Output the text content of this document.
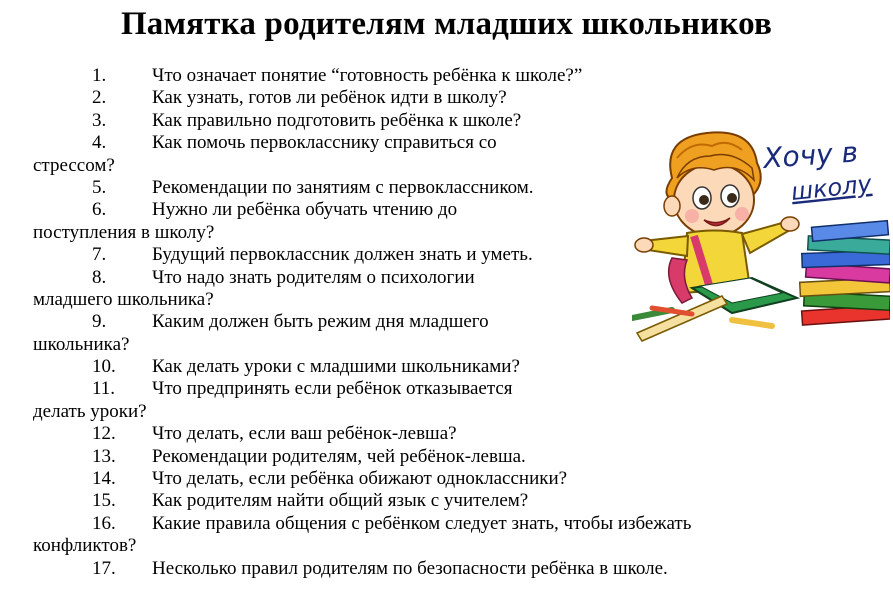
Памятка родителям младших школьников
1. Что означает понятие “готовность ребёнка к школе?”
2. Как узнать, готов ли ребёнок идти в школу?
3. Как правильно подготовить ребёнка к школе?
4. Как помочь первокласснику справиться со
стрессом?
5. Рекомендации по занятиям с первоклассником.
6. Нужно ли ребёнка обучать чтению до
поступления в школу?
7. Будущий первоклассник должен знать и уметь.
8. Что надо знать родителям о психологии
младшего школьника?
9. Каким должен быть режим дня младшего
школьника?
10. Как делать уроки с младшими школьниками?
11. Что предпринять если ребёнок отказывается
делать уроки?
12. Что делать, если ваш ребёнок-левша?
13. Рекомендации родителям, чей ребёнок-левша.
14. Что делать, если ребёнка обижают одноклассники?
15. Как родителям найти общий язык с учителем?
16. Какие правила общения с ребёнком следует знать, чтобы избежать
конфликтов?
17. Несколько правил родителям по безопасности ребёнка в школе.
Хочу в
школу
